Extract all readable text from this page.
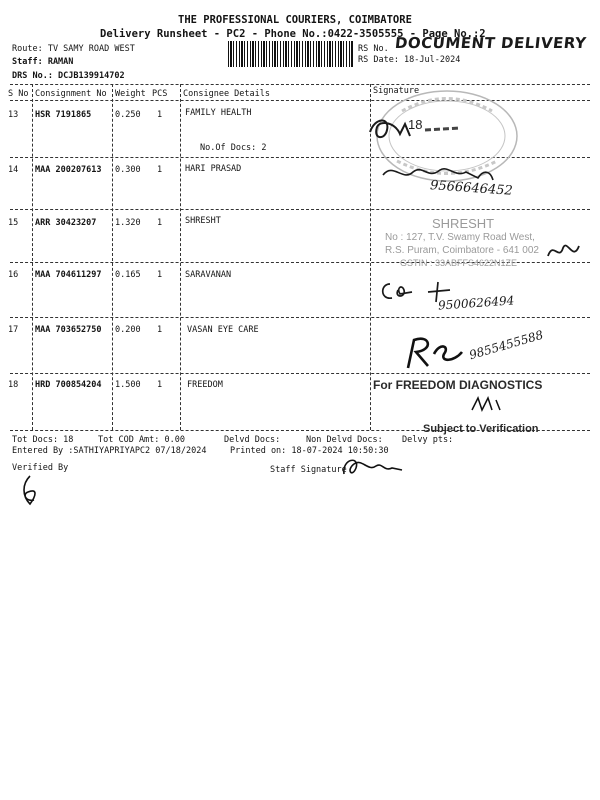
THE PROFESSIONAL COURIERS, COIMBATORE
Delivery Runsheet - PC2 - Phone No.:0422-3505555 - Page No.:2
DOCUMENT DELIVERY
Route: TV SAMY ROAD WEST
Staff: RAMAN
DRS No.: DCJB139914702
RS No.
RS Date: 18-Jul-2024
S No Consignment No Weight PCS Consignee Details	Signature
13 HSR 7191865	0.250 1	FAMILY HEALTH
No.Of Docs: 2
14 MAA 200207613 0.300 1	HARI PRASAD
15 ARR 30423207 1.320 1	SHRESHT
16 MAA 704611297 0.165 1	SARAVANAN
17 MAA 703652750 0.200 1	VASAN EYE CARE
18 HRD 700854204 1.500 1	FREEDOM
18
9566646452
SHRESHT
No : 127, T.V. Swamy Road West,
R.S. Puram, Coimbatore - 641 002
GSTIN : 33ABFFS4622N1ZE
9500626494
9855455588
For FREEDOM DIAGNOSTICS
Subject to Verification
Tot Docs: 18	Tot COD Amt: 0.00	Delvd Docs:	Non Delvd Docs: Delvy pts:
Entered By :SATHIYAPRIYAPC2 07/18/2024	Printed on: 18-07-2024 10:50:30
Verified By	Staff Signature
